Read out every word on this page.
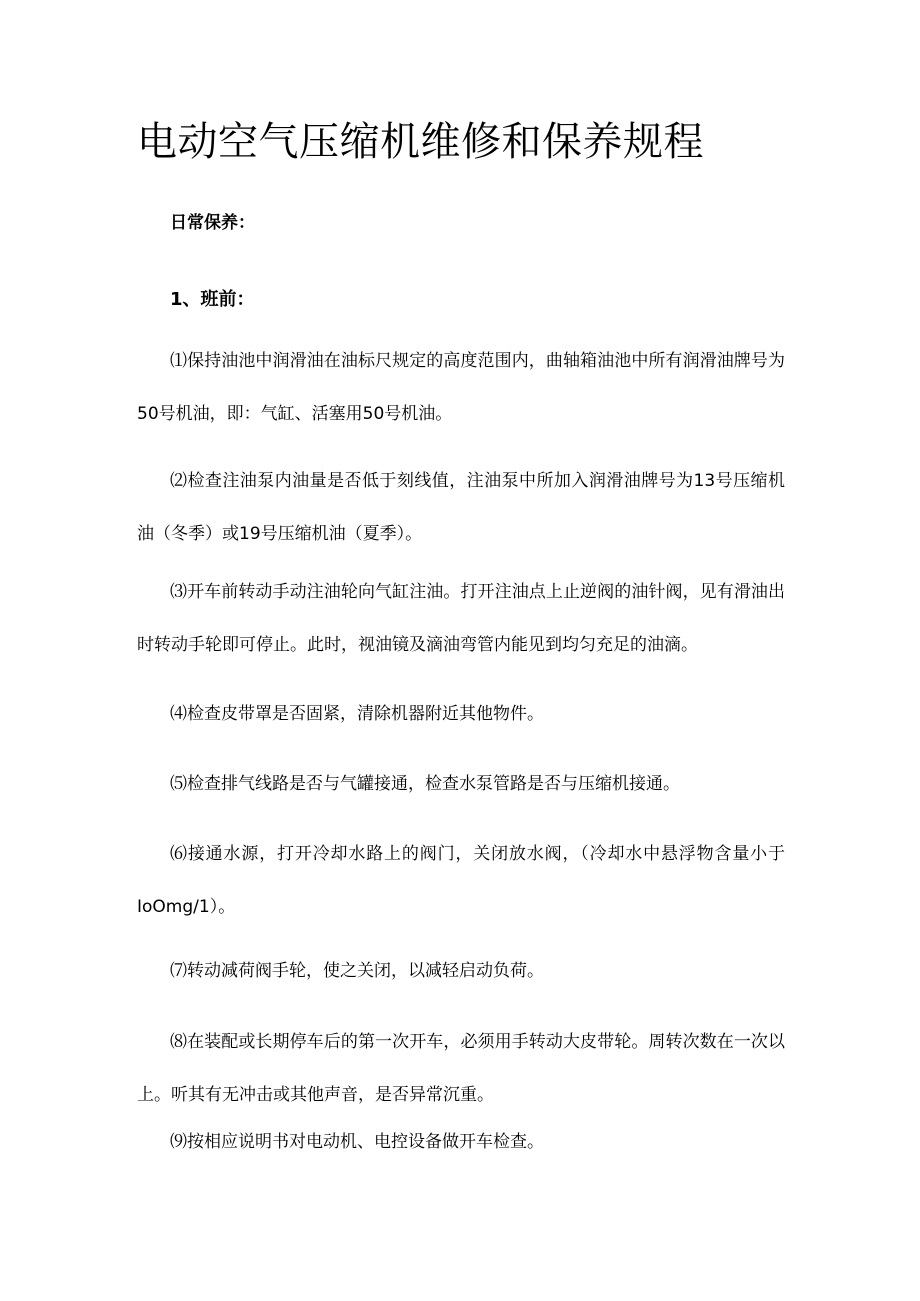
电动空气压缩机维修和保养规程
日常保养：
1、班前：

⑴保持油池中润滑油在油标尺规定的高度范围内，曲轴箱油池中所有润滑油牌号为50号机油，即：气缸、活塞用50号机油。

⑵检查注油泵内油量是否低于刻线值，注油泵中所加入润滑油牌号为13号压缩机油（冬季）或19号压缩机油（夏季）。

⑶开车前转动手动注油轮向气缸注油。打开注油点上止逆阀的油针阀，见有滑油出时转动手轮即可停止。此时，视油镜及滴油弯管内能见到均匀充足的油滴。

⑷检查皮带罩是否固紧，清除机器附近其他物件。

⑸检查排气线路是否与气罐接通，检查水泵管路是否与压缩机接通。

⑹接通水源，打开冷却水路上的阀门，关闭放水阀，（冷却水中悬浮物含量小于IoOmg/1）。

⑺转动减荷阀手轮，使之关闭，以减轻启动负荷。

⑻在装配或长期停车后的第一次开车，必须用手转动大皮带轮。周转次数在一次以上。听其有无冲击或其他声音，是否异常沉重。

⑼按相应说明书对电动机、电控设备做开车检查。
